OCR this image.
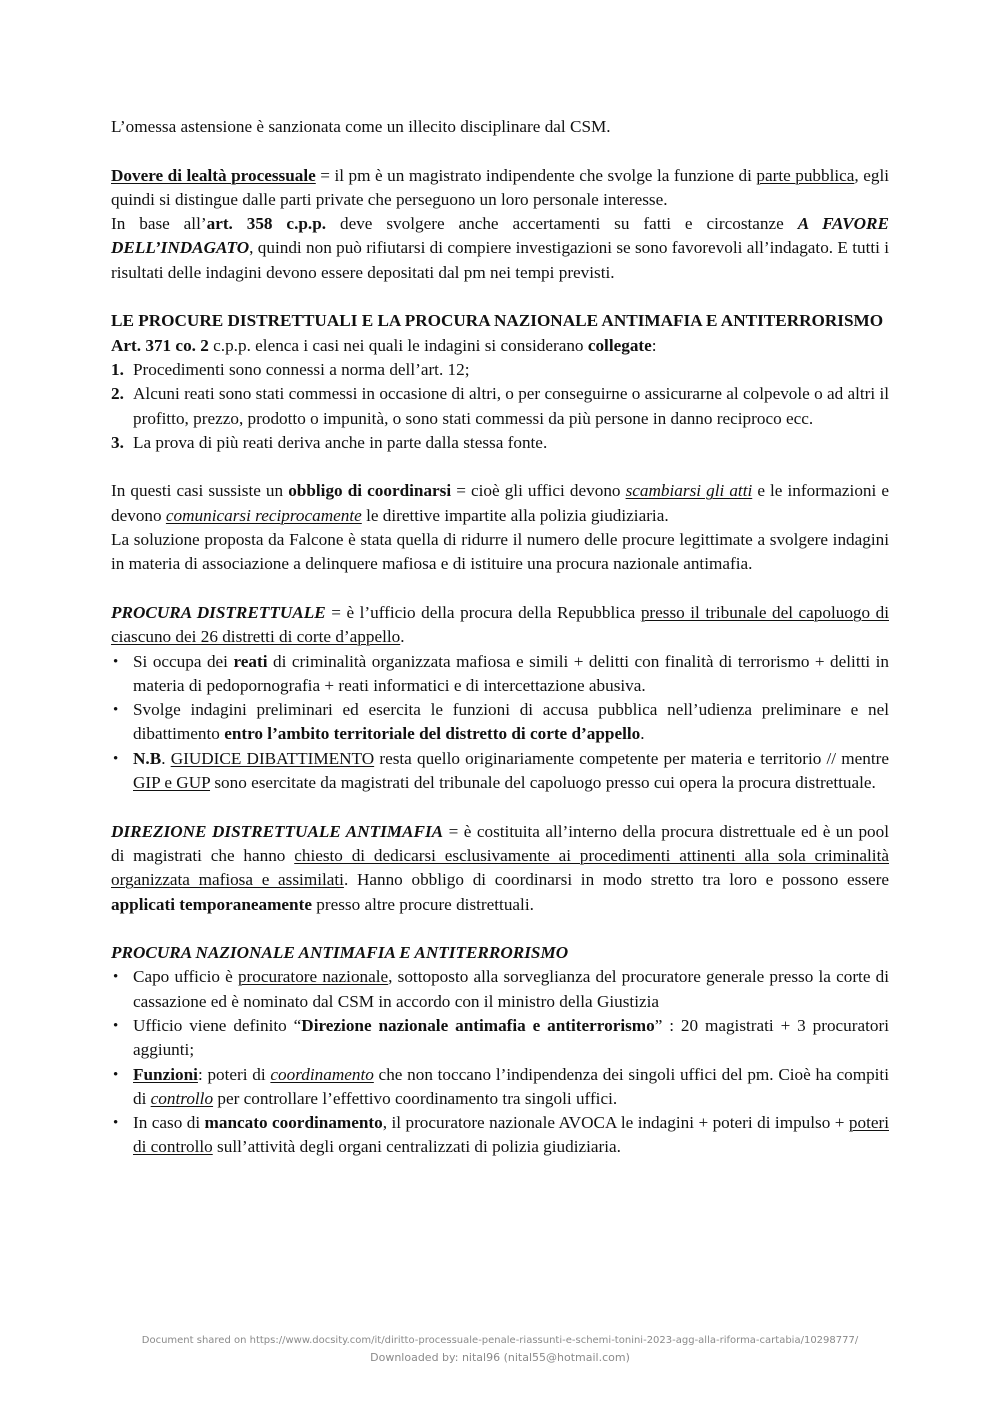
L’omessa astensione è sanzionata come un illecito disciplinare dal CSM.

Dovere di lealtà processuale = il pm è un magistrato indipendente che svolge la funzione di parte pubblica, egli quindi si distingue dalle parti private che perseguono un loro personale interesse.

In base all’art. 358 c.p.p. deve svolgere anche accertamenti su fatti e circostanze A FAVORE DELL’INDAGATO, quindi non può rifiutarsi di compiere investigazioni se sono favorevoli all’indagato. E tutti i risultati delle indagini devono essere depositati dal pm nei tempi previsti.

LE PROCURE DISTRETTUALI E LA PROCURA NAZIONALE ANTIMAFIA E ANTITERRORISMO

Art. 371 co. 2 c.p.p. elenca i casi nei quali le indagini si considerano collegate:

1. Procedimenti sono connessi a norma dell’art. 12;
2. Alcuni reati sono stati commessi in occasione di altri, o per conseguirne o assicurarne al colpevole o ad altri il profitto, prezzo, prodotto o impunità, o sono stati commessi da più persone in danno reciproco ecc.
3. La prova di più reati deriva anche in parte dalla stessa fonte.

In questi casi sussiste un obbligo di coordinarsi = cioè gli uffici devono scambiarsi gli atti e le informazioni e devono comunicarsi reciprocamente le direttive impartite alla polizia giudiziaria.

La soluzione proposta da Falcone è stata quella di ridurre il numero delle procure legittimate a svolgere indagini in materia di associazione a delinquere mafiosa e di istituire una procura nazionale antimafia.

PROCURA DISTRETTUALE = è l’ufficio della procura della Repubblica presso il tribunale del capoluogo di ciascuno dei 26 distretti di corte d’appello.

• Si occupa dei reati di criminalità organizzata mafiosa e simili + delitti con finalità di terrorismo + delitti in materia di pedopornografia + reati informatici e di intercettazione abusiva.
• Svolge indagini preliminari ed esercita le funzioni di accusa pubblica nell’udienza preliminare e nel dibattimento entro l’ambito territoriale del distretto di corte d’appello.
• N.B. GIUDICE DIBATTIMENTO resta quello originariamente competente per materia e territorio // mentre GIP e GUP sono esercitate da magistrati del tribunale del capoluogo presso cui opera la procura distrettuale.

DIREZIONE DISTRETTUALE ANTIMAFIA = è costituita all’interno della procura distrettuale ed è un pool di magistrati che hanno chiesto di dedicarsi esclusivamente ai procedimenti attinenti alla sola criminalità organizzata mafiosa e assimilati. Hanno obbligo di coordinarsi in modo stretto tra loro e possono essere applicati temporaneamente presso altre procure distrettuali.

PROCURA NAZIONALE ANTIMAFIA E ANTITERRORISMO

• Capo ufficio è procuratore nazionale, sottoposto alla sorveglianza del procuratore generale presso la corte di cassazione ed è nominato dal CSM in accordo con il ministro della Giustizia
• Ufficio viene definito “Direzione nazionale antimafia e antiterrorismo” : 20 magistrati + 3 procuratori aggiunti;
• Funzioni: poteri di coordinamento che non toccano l’indipendenza dei singoli uffici del pm. Cioè ha compiti di controllo per controllare l’effettivo coordinamento tra singoli uffici.
• In caso di mancato coordinamento, il procuratore nazionale AVOCA le indagini + poteri di impulso + poteri di controllo sull’attività degli organi centralizzati di polizia giudiziaria.
Document shared on https://www.docsity.com/it/diritto-processuale-penale-riassunti-e-schemi-tonini-2023-agg-alla-riforma-cartabia/10298777/
Downloaded by: nital96 (nital55@hotmail.com)
